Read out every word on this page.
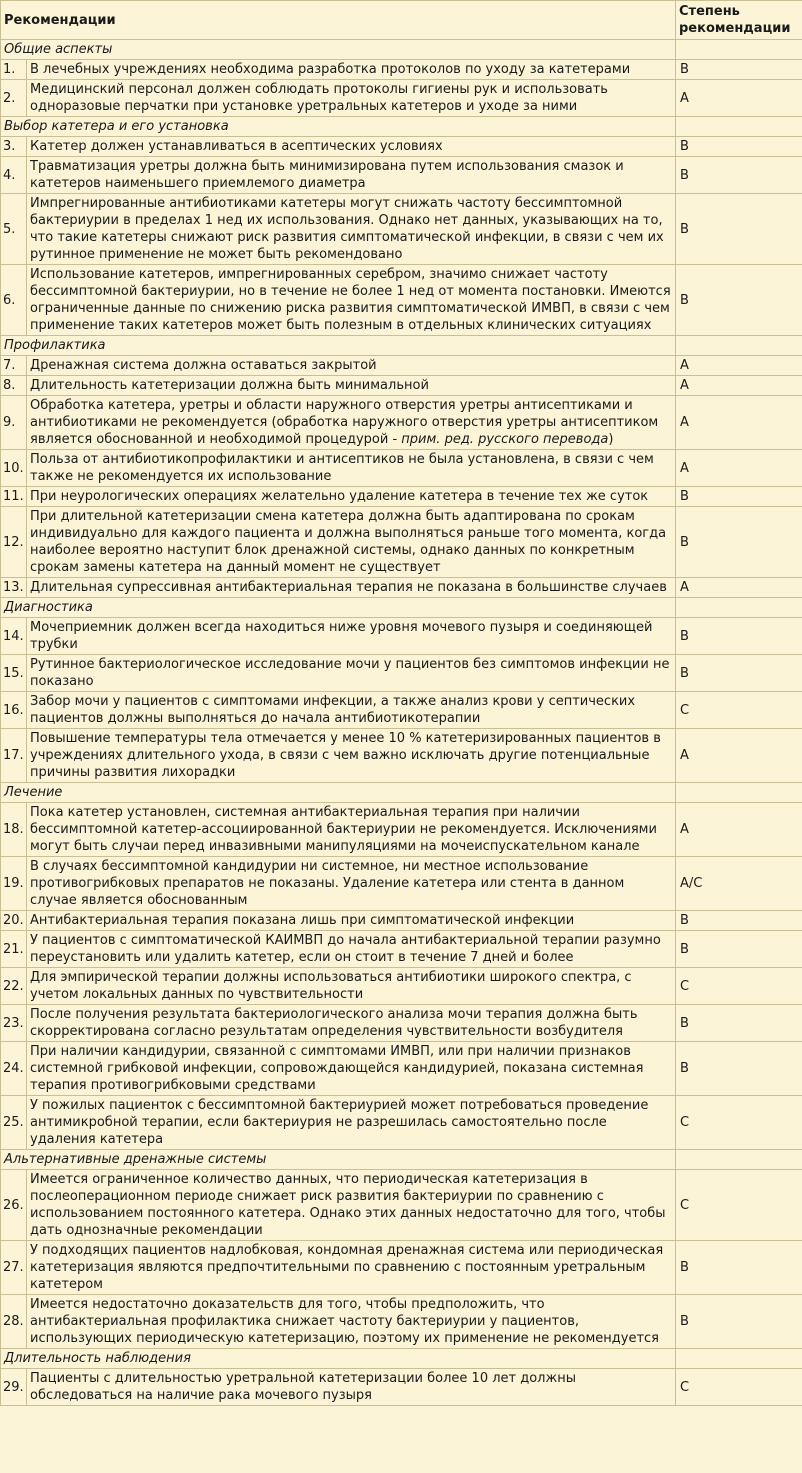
Рекомендации		Степень рекомендации
Общие аспекты		
1.	В лечебных учреждениях необходима разработка протоколов по уходу за катетерами	B
2.	Медицинский персонал должен соблюдать протоколы гигиены рук и использовать одноразовые перчатки при установке уретральных катетеров и уходе за ними	A
Выбор катетера и его установка		
3.	Катетер должен устанавливаться в асептических условиях	B
4.	Травматизация уретры должна быть минимизирована путем использования смазок и катетеров наименьшего приемлемого диаметра	B
5.	Импрегнированные антибиотиками катетеры могут снижать частоту бессимптомной бактериурии в пределах 1 нед их использования. Однако нет данных, указывающих на то, что такие катетеры снижают риск развития симптоматической инфекции, в связи с чем их рутинное применение не может быть рекомендовано	B
6.	Использование катетеров, импрегнированных серебром, значимо снижает частоту бессимптомной бактериурии, но в течение не более 1 нед от момента постановки. Имеются ограниченные данные по снижению риска развития симптоматической ИМВП, в связи с чем применение таких катетеров может быть полезным в отдельных клинических ситуациях	B
Профилактика		
7.	Дренажная система должна оставаться закрытой	A
8.	Длительность катетеризации должна быть минимальной	A
9.	Обработка катетера, уретры и области наружного отверстия уретры антисептиками и антибиотиками не рекомендуется (обработка наружного отверстия уретры антисептиком является обоснованной и необходимой процедурой - прим. ред. русского перевода)	A
10.	Польза от антибиотикопрофилактики и антисептиков не была установлена, в связи с чем также не рекомендуется их использование	A
11.	При неурологических операциях желательно удаление катетера в течение тех же суток	B
12.	При длительной катетеризации смена катетера должна быть адаптирована по срокам индивидуально для каждого пациента и должна выполняться раньше того момента, когда наиболее вероятно наступит блок дренажной системы, однако данных по конкретным срокам замены катетера на данный момент не существует	B
13.	Длительная супрессивная антибактериальная терапия не показана в большинстве случаев	A
Диагностика		
14.	Мочеприемник должен всегда находиться ниже уровня мочевого пузыря и соединяющей трубки	B
15.	Рутинное бактериологическое исследование мочи у пациентов без симптомов инфекции не показано	B
16.	Забор мочи у пациентов с симптомами инфекции, а также анализ крови у септических пациентов должны выполняться до начала антибиотикотерапии	C
17.	Повышение температуры тела отмечается у менее 10 % катетеризированных пациентов в учреждениях длительного ухода, в связи с чем важно исключать другие потенциальные причины развития лихорадки	A
Лечение		
18.	Пока катетер установлен, системная антибактериальная терапия при наличии бессимптомной катетер-ассоциированной бактериурии не рекомендуется. Исключениями могут быть случаи перед инвазивными манипуляциями на мочеиспускательном канале	A
19.	В случаях бессимптомной кандидурии ни системное, ни местное использование противогрибковых препаратов не показаны. Удаление катетера или стента в данном случае является обоснованным	A/C
20.	Антибактериальная терапия показана лишь при симптоматической инфекции	B
21.	У пациентов с симптоматической КАИМВП до начала антибактериальной терапии разумно переустановить или удалить катетер, если он стоит в течение 7 дней и более	B
22.	Для эмпирической терапии должны использоваться антибиотики широкого спектра, с учетом локальных данных по чувствительности	C
23.	После получения результата бактериологического анализа мочи терапия должна быть скорректирована согласно результатам определения чувствительности возбудителя	B
24.	При наличии кандидурии, связанной с симптомами ИМВП, или при наличии признаков системной грибковой инфекции, сопровождающейся кандидурией, показана системная терапия противогрибковыми средствами	B
25.	У пожилых пациенток с бессимптомной бактериурией может потребоваться проведение антимикробной терапии, если бактериурия не разрешилась самостоятельно после удаления катетера	C
Альтернативные дренажные системы		
26.	Имеется ограниченное количество данных, что периодическая катетеризация в послеоперационном периоде снижает риск развития бактериурии по сравнению с использованием постоянного катетера. Однако этих данных недостаточно для того, чтобы дать однозначные рекомендации	C
27.	У подходящих пациентов надлобковая, кондомная дренажная система или периодическая катетеризация являются предпочтительными по сравнению с постоянным уретральным катетером	B
28.	Имеется недостаточно доказательств для того, чтобы предположить, что антибактериальная профилактика снижает частоту бактериурии у пациентов, использующих периодическую катетеризацию, поэтому их применение не рекомендуется	B
Длительность наблюдения		
29.	Пациенты с длительностью уретральной катетеризации более 10 лет должны обследоваться на наличие рака мочевого пузыря	C
